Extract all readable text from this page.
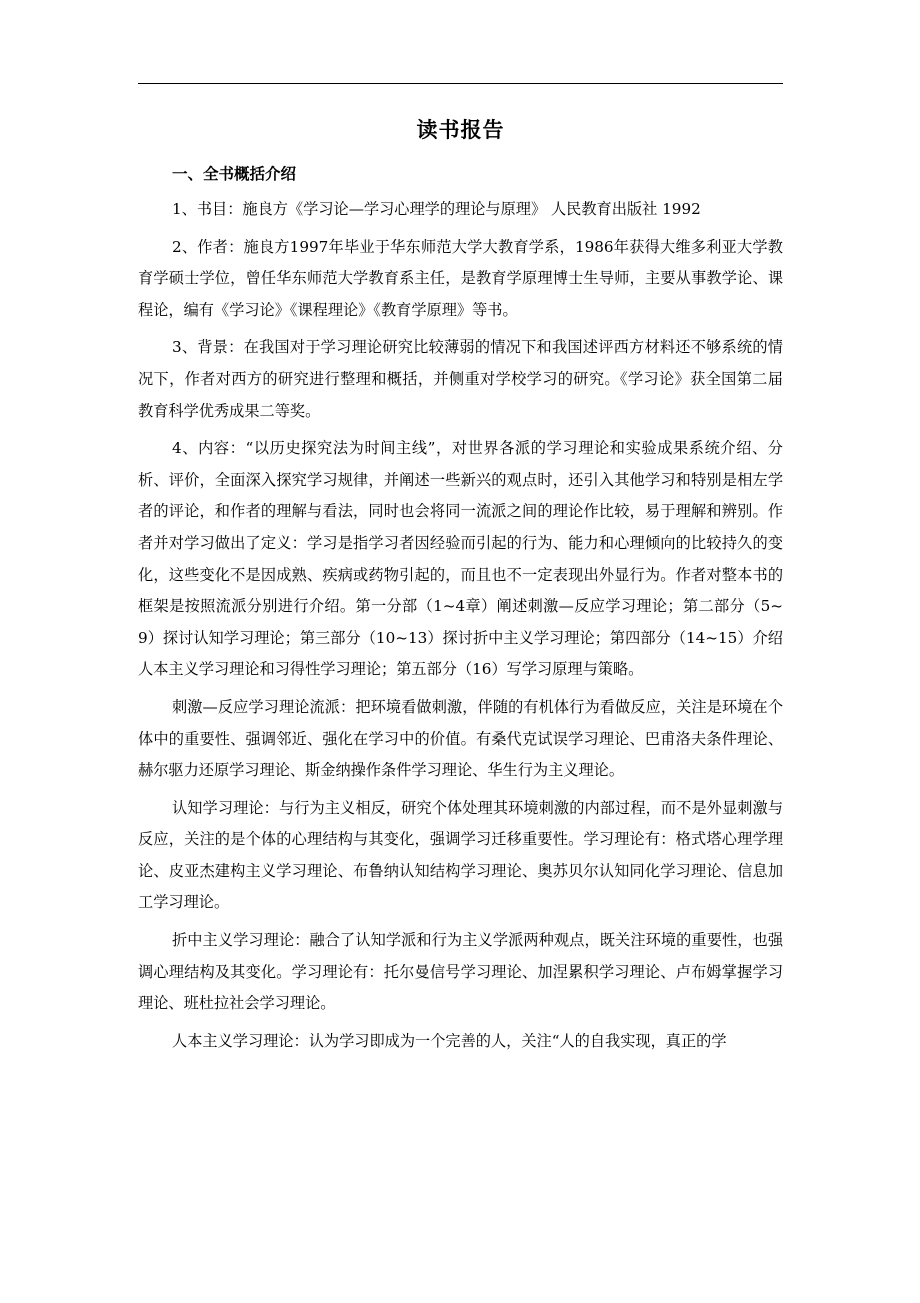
读书报告
一、全书概括介绍

1、书目：施良方《学习论—学习心理学的理论与原理》 人民教育出版社 1992

2、作者：施良方1997年毕业于华东师范大学大教育学系，1986年获得大维多利亚大学教育学硕士学位，曾任华东师范大学教育系主任，是教育学原理博士生导师，主要从事教学论、课程论，编有《学习论》《课程理论》《教育学原理》等书。

3、背景：在我国对于学习理论研究比较薄弱的情况下和我国述评西方材料还不够系统的情况下，作者对西方的研究进行整理和概括，并侧重对学校学习的研究。《学习论》获全国第二届教育科学优秀成果二等奖。

4、内容：“以历史探究法为时间主线”，对世界各派的学习理论和实验成果系统介绍、分析、评价，全面深入探究学习规律，并阐述一些新兴的观点时，还引入其他学习和特别是相左学者的评论，和作者的理解与看法，同时也会将同一流派之间的理论作比较，易于理解和辨别。作者并对学习做出了定义：学习是指学习者因经验而引起的行为、能力和心理倾向的比较持久的变化，这些变化不是因成熟、疾病或药物引起的，而且也不一定表现出外显行为。作者对整本书的框架是按照流派分别进行介绍。第一分部（1~4章）阐述刺激—反应学习理论；第二部分（5~9）探讨认知学习理论；第三部分（10~13）探讨折中主义学习理论；第四部分（14~15）介绍人本主义学习理论和习得性学习理论；第五部分（16）写学习原理与策略。

刺激—反应学习理论流派：把环境看做刺激，伴随的有机体行为看做反应，关注是环境在个体中的重要性、强调邻近、强化在学习中的价值。有桑代克试误学习理论、巴甫洛夫条件理论、赫尔驱力还原学习理论、斯金纳操作条件学习理论、华生行为主义理论。

认知学习理论：与行为主义相反，研究个体处理其环境刺激的内部过程，而不是外显刺激与反应，关注的是个体的心理结构与其变化，强调学习迁移重要性。学习理论有：格式塔心理学理论、皮亚杰建构主义学习理论、布鲁纳认知结构学习理论、奥苏贝尔认知同化学习理论、信息加工学习理论。

折中主义学习理论：融合了认知学派和行为主义学派两种观点，既关注环境的重要性，也强调心理结构及其变化。学习理论有：托尔曼信号学习理论、加涅累积学习理论、卢布姆掌握学习理论、班杜拉社会学习理论。

人本主义学习理论：认为学习即成为一个完善的人，关注“人的自我实现，真正的学
